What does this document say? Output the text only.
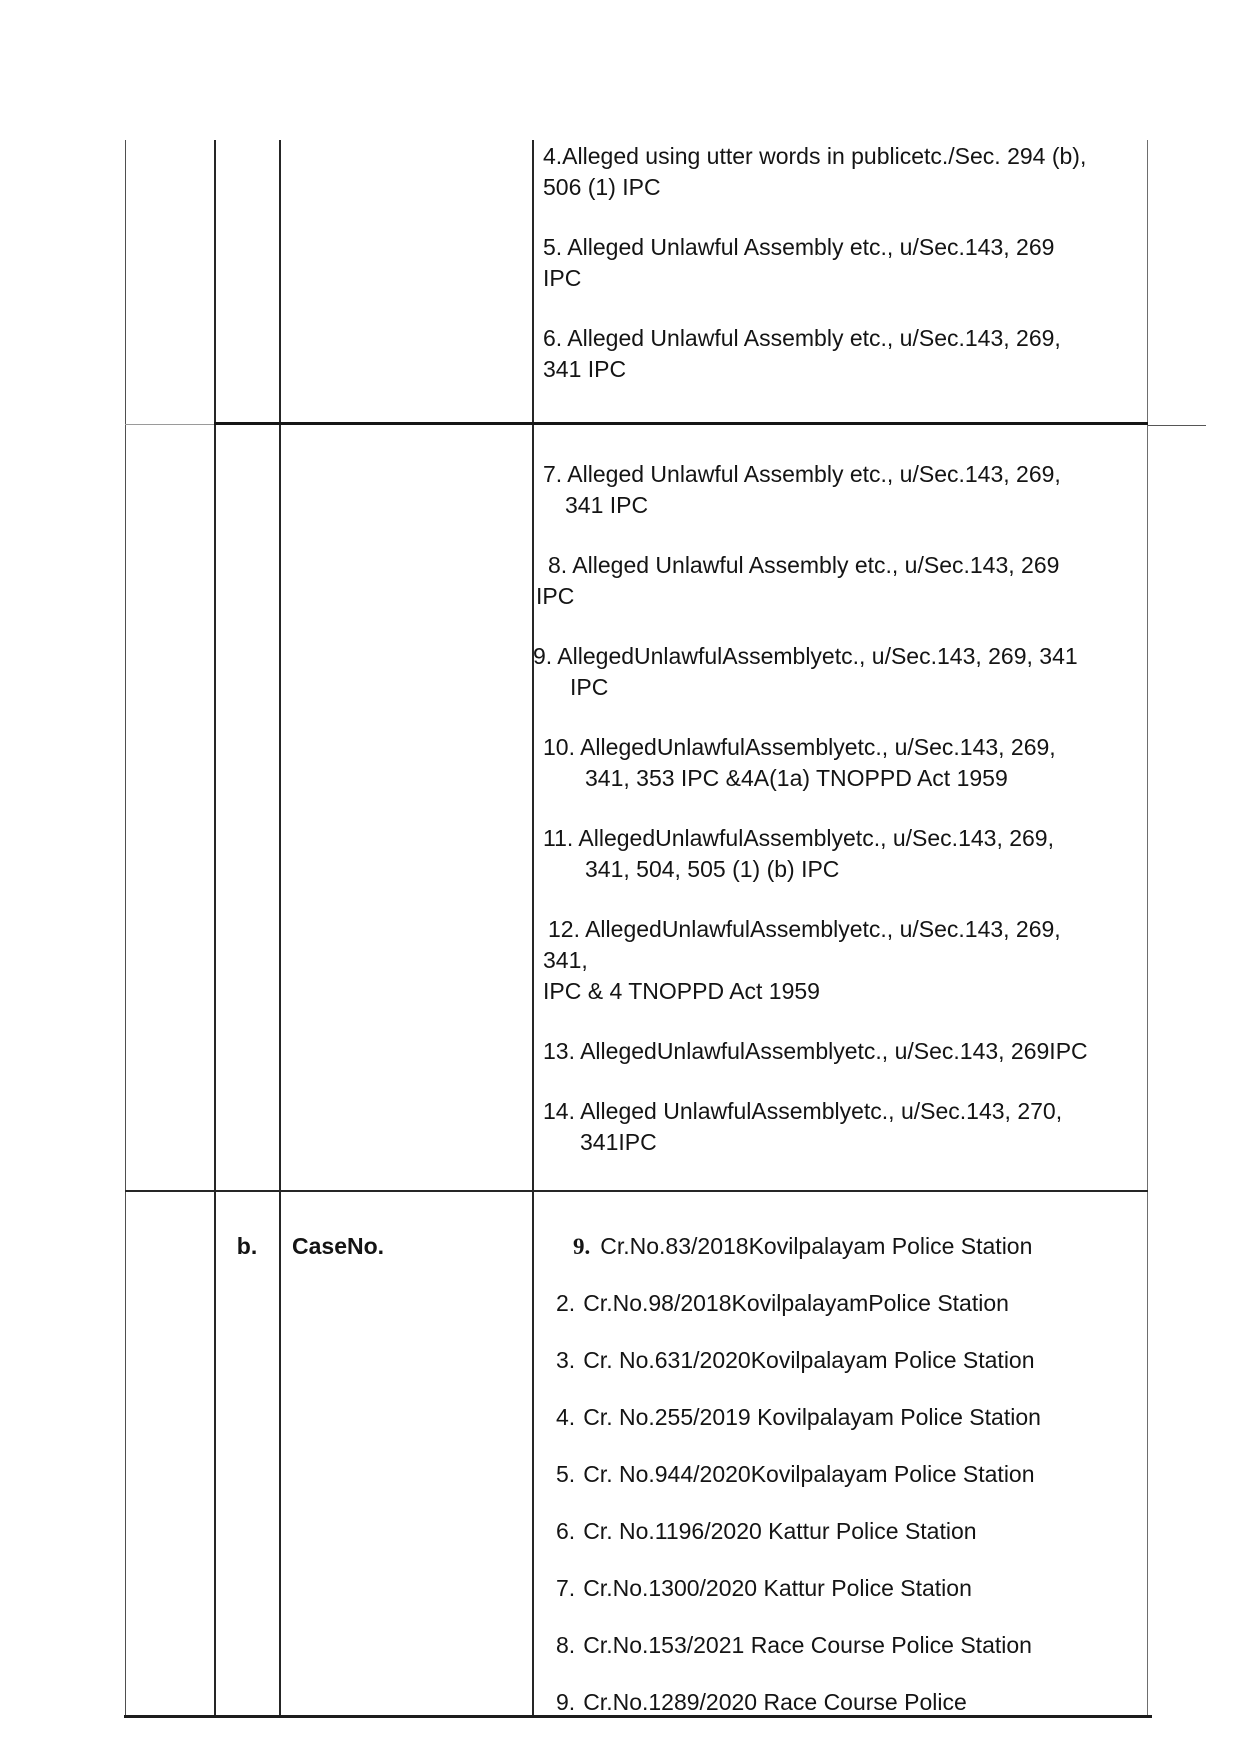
4.Alleged using utter words in publicetc./Sec. 294 (b),
506 (1) IPC
5. Alleged Unlawful Assembly etc., u/Sec.143, 269
IPC
6. Alleged Unlawful Assembly etc., u/Sec.143, 269,
341 IPC
7. Alleged Unlawful Assembly etc., u/Sec.143, 269,
341 IPC
8. Alleged Unlawful Assembly etc., u/Sec.143, 269
IPC
9. AllegedUnlawfulAssemblyetc., u/Sec.143, 269, 341
IPC
10. AllegedUnlawfulAssemblyetc., u/Sec.143, 269,
341, 353 IPC &4A(1a) TNOPPD Act 1959
11. AllegedUnlawfulAssemblyetc., u/Sec.143, 269,
341, 504, 505 (1) (b) IPC
12. AllegedUnlawfulAssemblyetc., u/Sec.143, 269,
341,
IPC & 4 TNOPPD Act 1959
13. AllegedUnlawfulAssemblyetc., u/Sec.143, 269IPC
14. Alleged UnlawfulAssemblyetc., u/Sec.143, 270,
341IPC
b.	CaseNo.	9. Cr.No.83/2018Kovilpalayam Police Station
2. Cr.No.98/2018KovilpalayamPolice Station
3. Cr. No.631/2020Kovilpalayam Police Station
4. Cr. No.255/2019 Kovilpalayam Police Station
5. Cr. No.944/2020Kovilpalayam Police Station
6. Cr. No.1196/2020 Kattur Police Station
7. Cr.No.1300/2020 Kattur Police Station
8. Cr.No.153/2021 Race Course Police Station
9. Cr.No.1289/2020 Race Course Police
